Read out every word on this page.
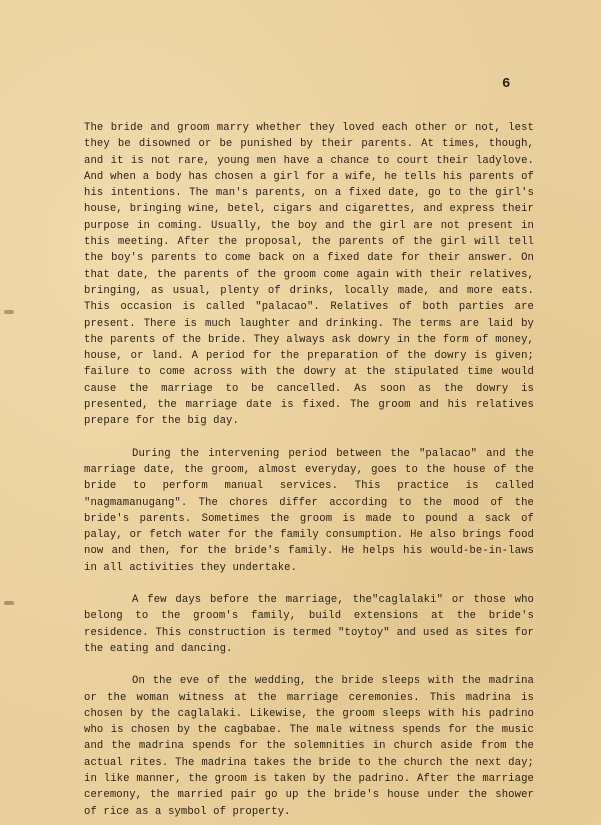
6

The bride and groom marry whether they loved each other or not, lest they be disowned or be punished by their parents. At times, though, and it is not rare, young men have a chance to court their ladylove. And when a body has chosen a girl for a wife, he tells his parents of his intentions. The man's parents, on a fixed date, go to the girl's house, bringing wine, betel, cigars and cigarettes, and express their purpose in coming. Usually, the boy and the girl are not present in this meeting. After the proposal, the parents of the girl will tell the boy's parents to come back on a fixed date for their answer. On that date, the parents of the groom come again with their relatives, bringing, as usual, plenty of drinks, locally made, and more eats. This occasion is called "palacao". Relatives of both parties are present. There is much laughter and drinking. The terms are laid by the parents of the bride. They always ask dowry in the form of money, house, or land. A period for the preparation of the dowry is given; failure to come across with the dowry at the stipulated time would cause the marriage to be cancelled. As soon as the dowry is presented, the marriage date is fixed. The groom and his relatives prepare for the big day.

During the intervening period between the "palacao" and the marriage date, the groom, almost everyday, goes to the house of the bride to perform manual services. This practice is called "nagmamanugang". The chores differ according to the mood of the bride's parents. Sometimes the groom is made to pound a sack of palay, or fetch water for the family consumption. He also brings food now and then, for the bride's family. He helps his would-be-in-laws in all activities they undertake.

A few days before the marriage, the"caglalaki" or those who belong to the groom's family, build extensions at the bride's residence. This construction is termed "toytoy" and used as sites for the eating and dancing.

On the eve of the wedding, the bride sleeps with the madrina or the woman witness at the marriage ceremonies. This madrina is chosen by the caglalaki. Likewise, the groom sleeps with his padrino who is chosen by the cagbabae. The male witness spends for the music and the madrina spends for the solemnities in church aside from the actual rites. The madrina takes the bride to the church the next day; in like manner, the groom is taken by the padrino. After the marriage ceremony, the married pair go up the bride's house under the shower of rice as a symbol of property.
